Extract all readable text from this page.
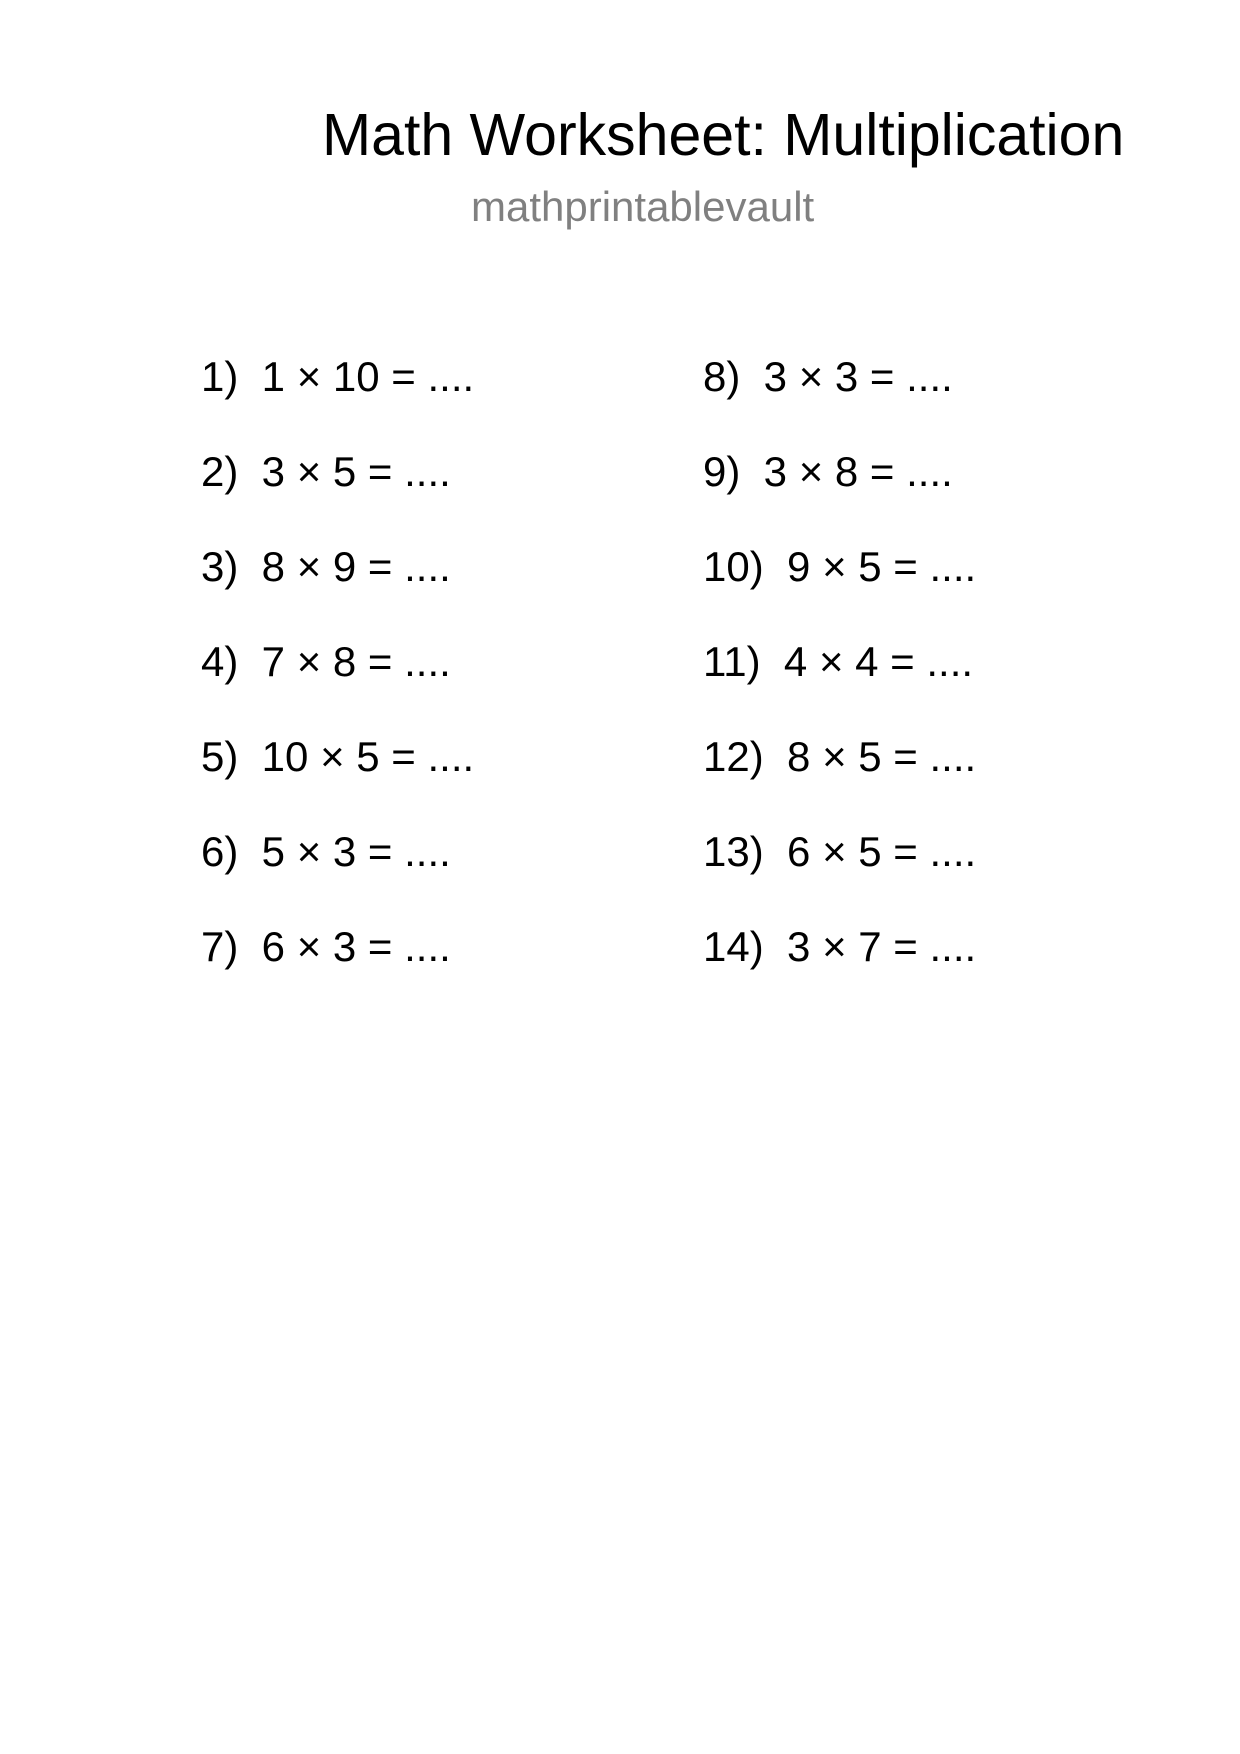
Math Worksheet: Multiplication
mathprintablevault
1)  1 × 10 = ....
2)  3 × 5 = ....
3)  8 × 9 = ....
4)  7 × 8 = ....
5)  10 × 5 = ....
6)  5 × 3 = ....
7)  6 × 3 = ....
8)  3 × 3 = ....
9)  3 × 8 = ....
10)  9 × 5 = ....
11)  4 × 4 = ....
12)  8 × 5 = ....
13)  6 × 5 = ....
14)  3 × 7 = ....
